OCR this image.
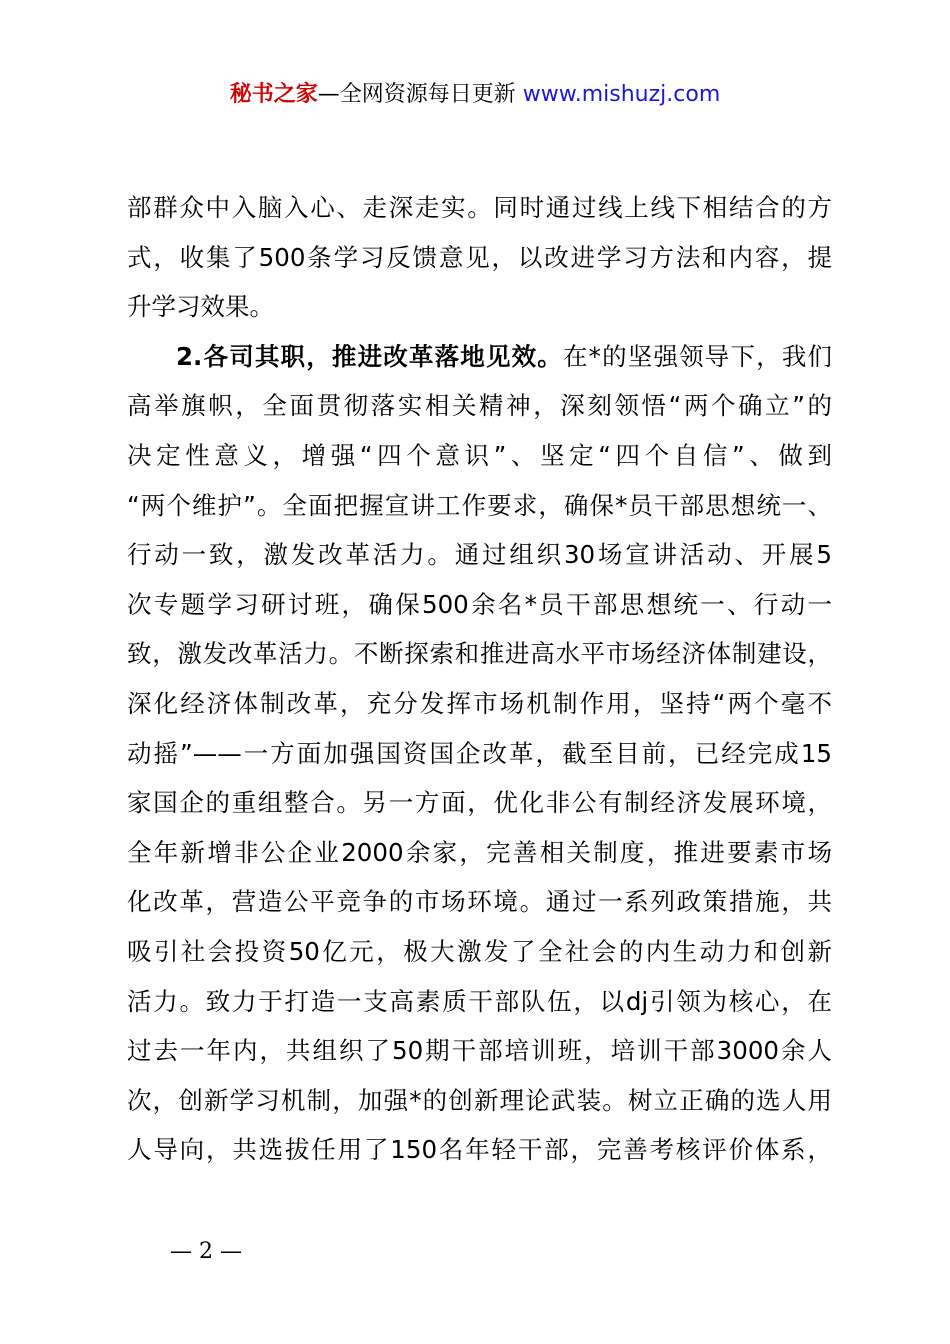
秘书之家—全网资源每日更新 www.mishuzj.com
部群众中入脑入心、走深走实。同时通过线上线下相结合的方
式，收集了500条学习反馈意见，以改进学习方法和内容，提
升学习效果。
2.各司其职，推进改革落地见效。在*的坚强领导下，我们
高举旗帜，全面贯彻落实相关精神，深刻领悟“两个确立”的
决定性意义，增强“四个意识”、坚定“四个自信”、做到
“两个维护”。全面把握宣讲工作要求，确保*员干部思想统一、
行动一致，激发改革活力。通过组织30场宣讲活动、开展5
次专题学习研讨班，确保500余名*员干部思想统一、行动一
致，激发改革活力。不断探索和推进高水平市场经济体制建设，
深化经济体制改革，充分发挥市场机制作用，坚持“两个毫不
动摇”——一方面加强国资国企改革，截至目前，已经完成15
家国企的重组整合。另一方面，优化非公有制经济发展环境，
全年新增非公企业2000余家，完善相关制度，推进要素市场
化改革，营造公平竞争的市场环境。通过一系列政策措施，共
吸引社会投资50亿元，极大激发了全社会的内生动力和创新
活力。致力于打造一支高素质干部队伍，以dj引领为核心，在
过去一年内，共组织了50期干部培训班，培训干部3000余人
次，创新学习机制，加强*的创新理论武装。树立正确的选人用
人导向，共选拔任用了150名年轻干部，完善考核评价体系，
— 2 —
